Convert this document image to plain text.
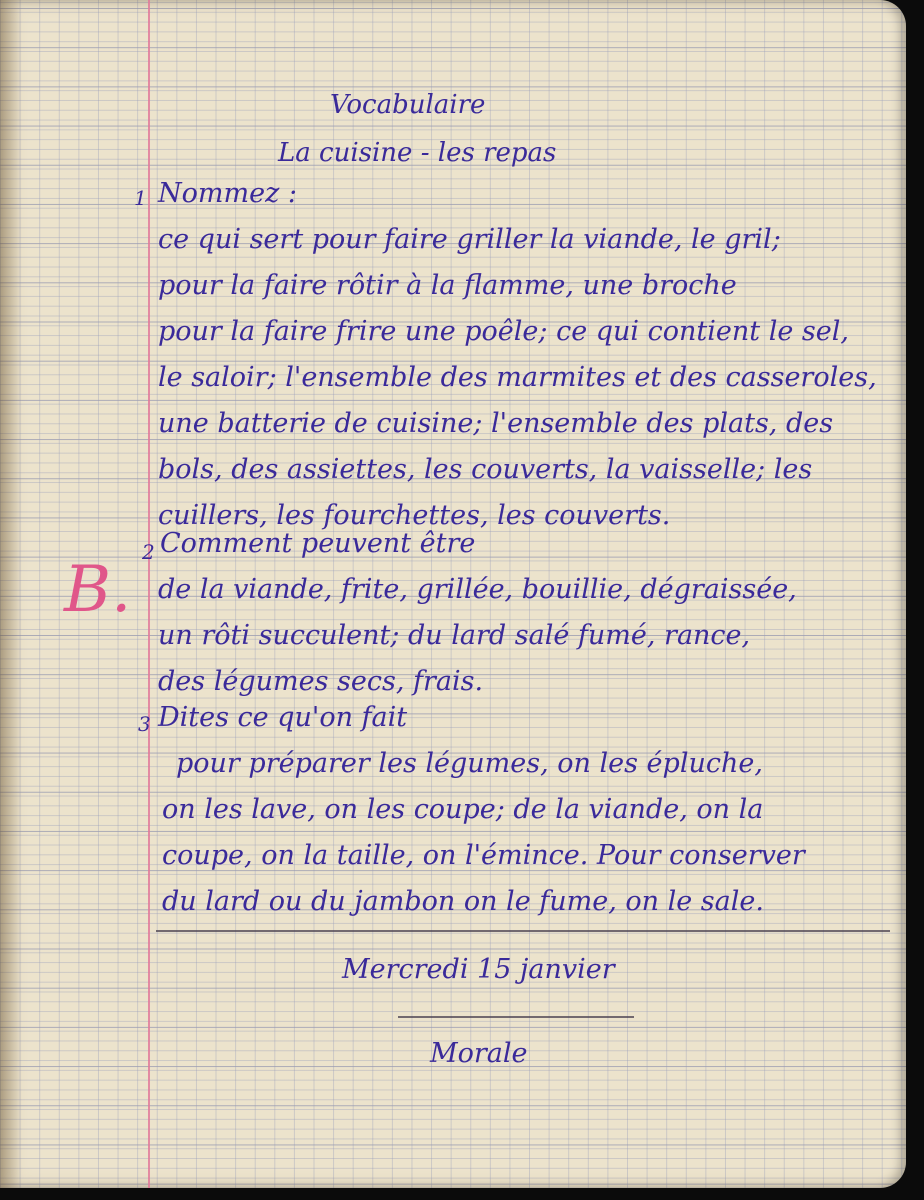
Vocabulaire
La cuisine - les repas
B.
1 Nommez :
ce qui sert pour faire griller la viande, le gril;
pour la faire rôtir à la flamme, une broche
pour la faire frire une poêle; ce qui contient le sel,
le saloir; l'ensemble des marmites et des casseroles,
une batterie de cuisine; l'ensemble des plats, des
bols, des assiettes, les couverts, la vaisselle; les
cuillers, les fourchettes, les couverts.
2 Comment peuvent être
de la viande, frite, grillée, bouillie, dégraissée,
un rôti succulent; du lard salé fumé, rance,
des légumes secs, frais.
3 Dites ce qu'on fait
pour préparer les légumes, on les épluche,
on les lave, on les coupe; de la viande, on la
coupe, on la taille, on l'émince. Pour conserver
du lard ou du jambon on le fume, on le sale.
Mercredi 15 janvier
Morale
